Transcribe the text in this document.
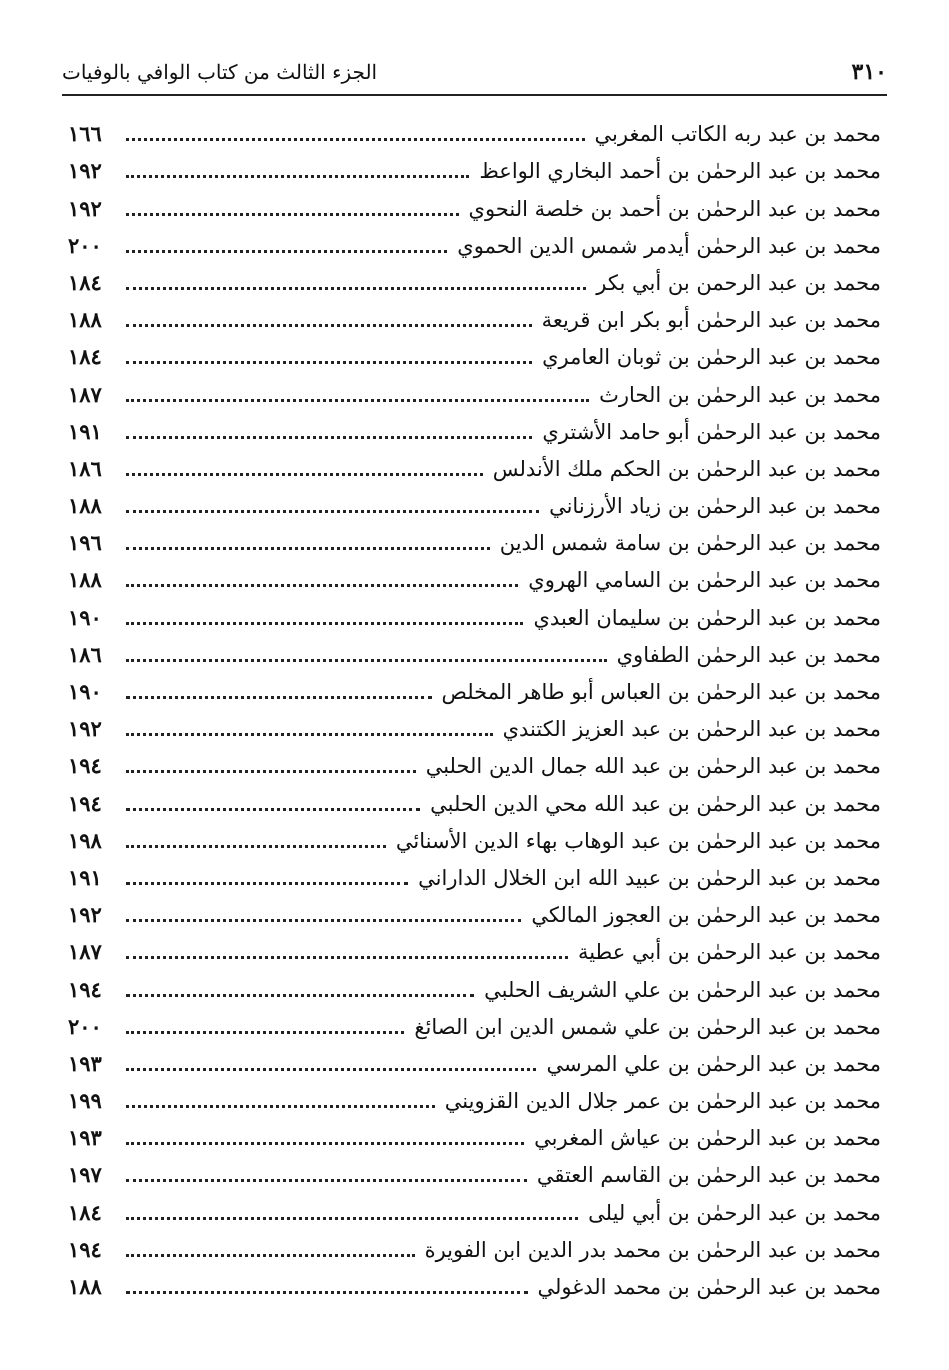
٣١٠
الجزء الثالث من كتاب الوافي بالوفيات
محمد بن عبد ربه الكاتب المغربي
١٦٦
محمد بن عبد الرحمٰن بن أحمد البخاري الواعظ
١٩٢
محمد بن عبد الرحمٰن بن أحمد بن خلصة النحوي
١٩٢
محمد بن عبد الرحمٰن أيدمر شمس الدين الحموي
٢٠٠
محمد بن عبد الرحمن بن أبي بكر
١٨٤
محمد بن عبد الرحمٰن أبو بكر ابن قريعة
١٨٨
محمد بن عبد الرحمٰن بن ثوبان العامري
١٨٤
محمد بن عبد الرحمٰن بن الحارث
١٨٧
محمد بن عبد الرحمٰن أبو حامد الأشتري
١٩١
محمد بن عبد الرحمٰن بن الحكم ملك الأندلس
١٨٦
محمد بن عبد الرحمٰن بن زياد الأرزناني
١٨٨
محمد بن عبد الرحمٰن بن سامة شمس الدين
١٩٦
محمد بن عبد الرحمٰن بن السامي الهروي
١٨٨
محمد بن عبد الرحمٰن بن سليمان العبدي
١٩٠
محمد بن عبد الرحمٰن الطفاوي
١٨٦
محمد بن عبد الرحمٰن بن العباس أبو طاهر المخلص
١٩٠
محمد بن عبد الرحمٰن بن عبد العزيز الكتندي
١٩٢
محمد بن عبد الرحمٰن بن عبد الله جمال الدين الحلبي
١٩٤
محمد بن عبد الرحمٰن بن عبد الله محي الدين الحلبي
١٩٤
محمد بن عبد الرحمٰن بن عبد الوهاب بهاء الدين الأسنائي
١٩٨
محمد بن عبد الرحمٰن بن عبيد الله ابن الخلال الداراني
١٩١
محمد بن عبد الرحمٰن بن العجوز المالكي
١٩٢
محمد بن عبد الرحمٰن بن أبي عطية
١٨٧
محمد بن عبد الرحمٰن بن علي الشريف الحلبي
١٩٤
محمد بن عبد الرحمٰن بن علي شمس الدين ابن الصائغ
٢٠٠
محمد بن عبد الرحمٰن بن علي المرسي
١٩٣
محمد بن عبد الرحمٰن بن عمر جلال الدين القزويني
١٩٩
محمد بن عبد الرحمٰن بن عياش المغربي
١٩٣
محمد بن عبد الرحمٰن بن القاسم العتقي
١٩٧
محمد بن عبد الرحمٰن بن أبي ليلى
١٨٤
محمد بن عبد الرحمٰن بن محمد بدر الدين ابن الفويرة
١٩٤
محمد بن عبد الرحمٰن بن محمد الدغولي
١٨٨
